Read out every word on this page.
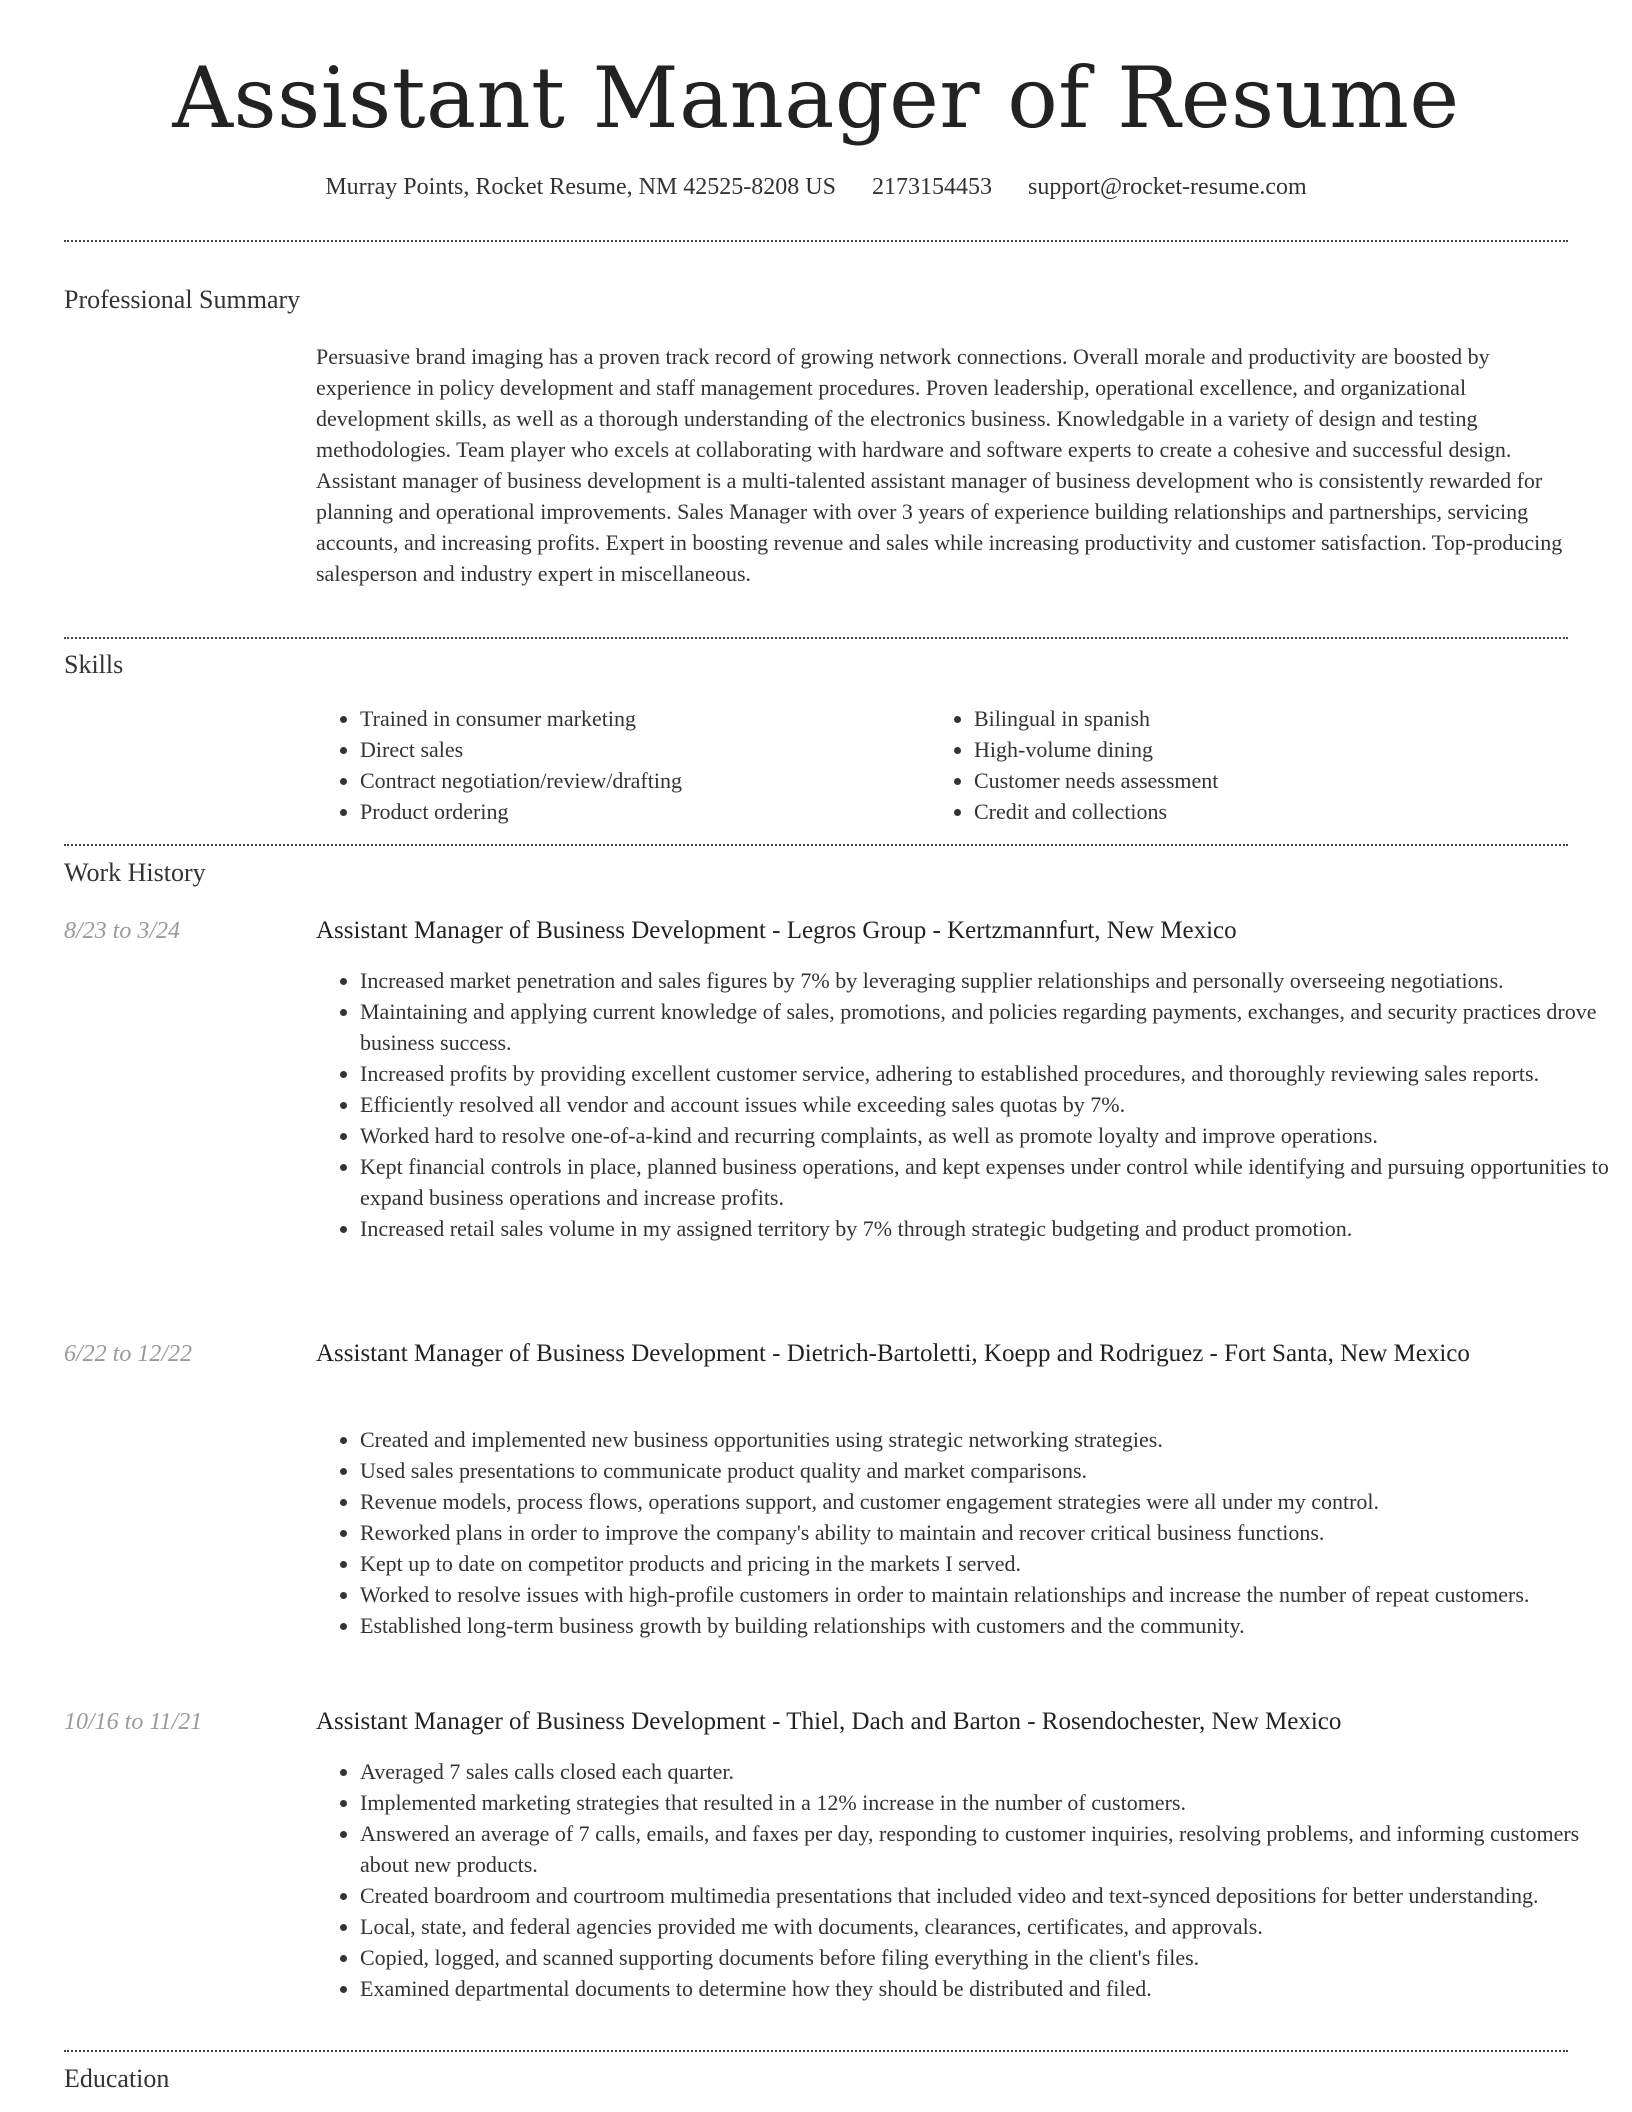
Assistant Manager of Resume
Murray Points, Rocket Resume, NM 42525-8208 US 2173154453 support@rocket-resume.com
Professional Summary

Persuasive brand imaging has a proven track record of growing network connections. Overall morale and productivity are boosted by experience in policy development and staff management procedures. Proven leadership, operational excellence, and organizational development skills, as well as a thorough understanding of the electronics business. Knowledgable in a variety of design and testing methodologies. Team player who excels at collaborating with hardware and software experts to create a cohesive and successful design. Assistant manager of business development is a multi-talented assistant manager of business development who is consistently rewarded for planning and operational improvements. Sales Manager with over 3 years of experience building relationships and partnerships, servicing accounts, and increasing profits. Expert in boosting revenue and sales while increasing productivity and customer satisfaction. Top-producing salesperson and industry expert in miscellaneous.

Skills
• Trained in consumer marketing
• Direct sales
• Contract negotiation/review/drafting
• Product ordering
• Bilingual in spanish
• High-volume dining
• Customer needs assessment
• Credit and collections
Work History
8/23 to 3/24	Assistant Manager of Business Development - Legros Group - Kertzmannfurt, New Mexico
• Increased market penetration and sales figures by 7% by leveraging supplier relationships and personally overseeing negotiations.
• Maintaining and applying current knowledge of sales, promotions, and policies regarding payments, exchanges, and security practices drove business success.
• Increased profits by providing excellent customer service, adhering to established procedures, and thoroughly reviewing sales reports.
• Efficiently resolved all vendor and account issues while exceeding sales quotas by 7%.
• Worked hard to resolve one-of-a-kind and recurring complaints, as well as promote loyalty and improve operations.
• Kept financial controls in place, planned business operations, and kept expenses under control while identifying and pursuing opportunities to expand business operations and increase profits.
• Increased retail sales volume in my assigned territory by 7% through strategic budgeting and product promotion.
6/22 to 12/22	Assistant Manager of Business Development - Dietrich-Bartoletti, Koepp and Rodriguez - Fort Santa, New Mexico
• Created and implemented new business opportunities using strategic networking strategies.
• Used sales presentations to communicate product quality and market comparisons.
• Revenue models, process flows, operations support, and customer engagement strategies were all under my control.
• Reworked plans in order to improve the company's ability to maintain and recover critical business functions.
• Kept up to date on competitor products and pricing in the markets I served.
• Worked to resolve issues with high-profile customers in order to maintain relationships and increase the number of repeat customers.
• Established long-term business growth by building relationships with customers and the community.
10/16 to 11/21	Assistant Manager of Business Development - Thiel, Dach and Barton - Rosendochester, New Mexico
• Averaged 7 sales calls closed each quarter.
• Implemented marketing strategies that resulted in a 12% increase in the number of customers.
• Answered an average of 7 calls, emails, and faxes per day, responding to customer inquiries, resolving problems, and informing customers about new products.
• Created boardroom and courtroom multimedia presentations that included video and text-synced depositions for better understanding.
• Local, state, and federal agencies provided me with documents, clearances, certificates, and approvals.
• Copied, logged, and scanned supporting documents before filing everything in the client's files.
• Examined departmental documents to determine how they should be distributed and filed.
Education
